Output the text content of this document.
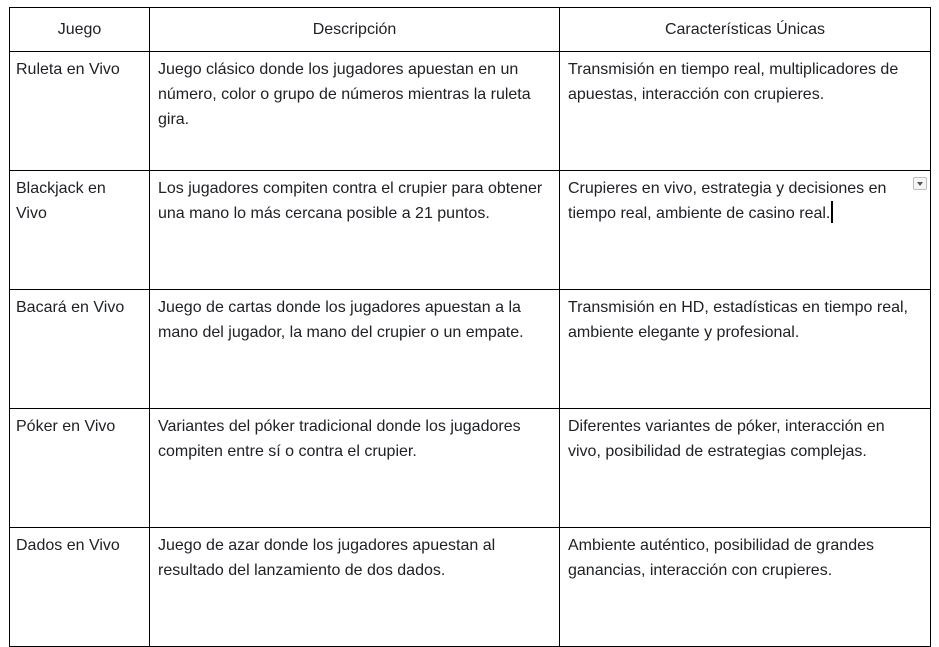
Juego	Descripción	Características Únicas
Ruleta en Vivo	Juego clásico donde los jugadores apuestan en un número, color o grupo de números mientras la ruleta gira.	Transmisión en tiempo real, multiplicadores de apuestas, interacción con crupieres.
Blackjack en Vivo	Los jugadores compiten contra el crupier para obtener una mano lo más cercana posible a 21 puntos.	Crupieres en vivo, estrategia y decisiones en tiempo real, ambiente de casino real.

Bacará en Vivo	Juego de cartas donde los jugadores apuestan a la mano del jugador, la mano del crupier o un empate.	Transmisión en HD, estadísticas en tiempo real, ambiente elegante y profesional.
Póker en Vivo	Variantes del póker tradicional donde los jugadores compiten entre sí o contra el crupier.	Diferentes variantes de póker, interacción en vivo, posibilidad de estrategias complejas.
Dados en Vivo	Juego de azar donde los jugadores apuestan al resultado del lanzamiento de dos dados.	Ambiente auténtico, posibilidad de grandes ganancias, interacción con crupieres.
